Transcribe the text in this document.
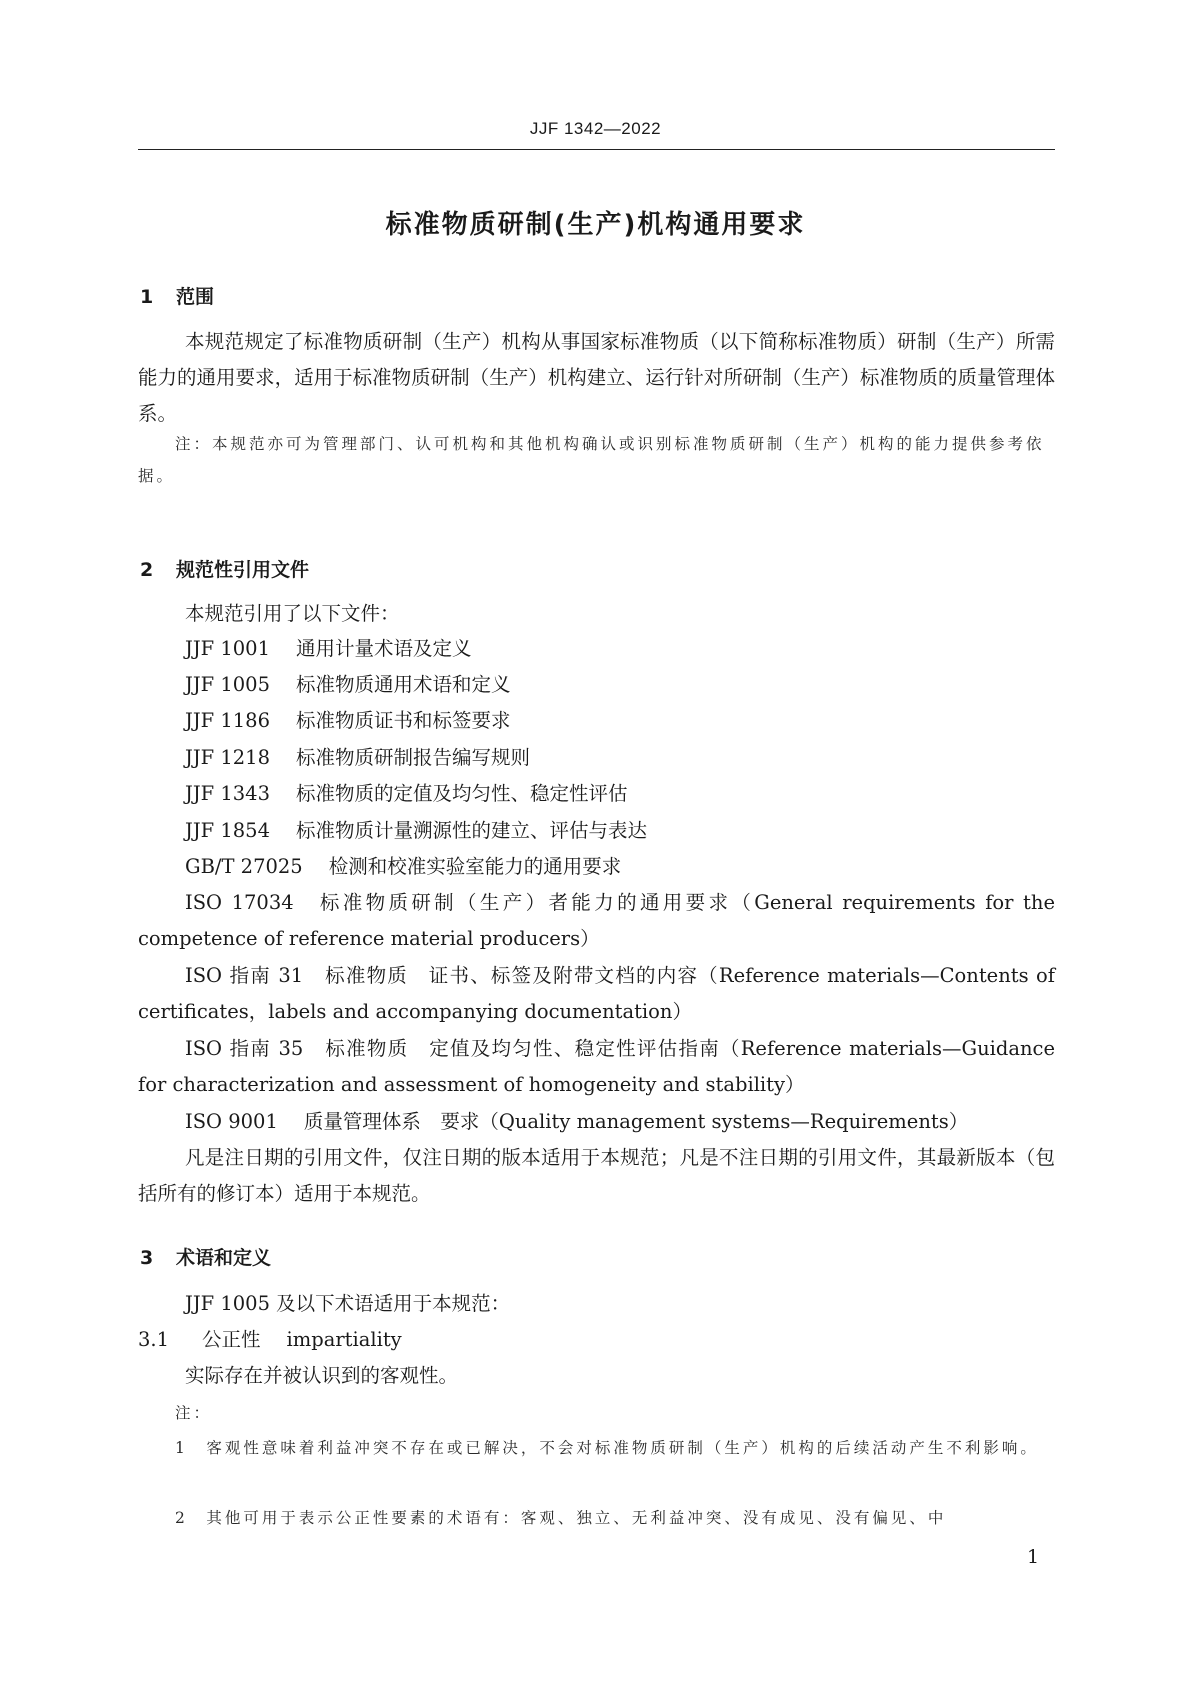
JJF 1342—2022
标准物质研制(生产)机构通用要求
1 范围
本规范规定了标准物质研制（生产）机构从事国家标准物质（以下简称标准物质）研制（生产）所需能力的通用要求，适用于标准物质研制（生产）机构建立、运行针对所研制（生产）标准物质的质量管理体系。
注：本规范亦可为管理部门、认可机构和其他机构确认或识别标准物质研制（生产）机构的能力提供参考依据。
2 规范性引用文件
本规范引用了以下文件：
JJF 1001 通用计量术语及定义
JJF 1005 标准物质通用术语和定义
JJF 1186 标准物质证书和标签要求
JJF 1218 标准物质研制报告编写规则
JJF 1343 标准物质的定值及均匀性、稳定性评估
JJF 1854 标准物质计量溯源性的建立、评估与表达
GB/T 27025 检测和校准实验室能力的通用要求
ISO 17034　标准物质研制（生产）者能力的通用要求（General requirements for the competence of reference material producers）
ISO 指南 31　标准物质　证书、标签及附带文档的内容（Reference materials—Contents of certificates，labels and accompanying documentation）
ISO 指南 35　标准物质　定值及均匀性、稳定性评估指南（Reference materials—Guidance for characterization and assessment of homogeneity and stability）
ISO 9001 质量管理体系　要求（Quality management systems—Requirements）
凡是注日期的引用文件，仅注日期的版本适用于本规范；凡是不注日期的引用文件，其最新版本（包括所有的修订本）适用于本规范。
3 术语和定义
JJF 1005 及以下术语适用于本规范：
3.1 公正性 impartiality
实际存在并被认识到的客观性。
注：
1　客观性意味着利益冲突不存在或已解决，不会对标准物质研制（生产）机构的后续活动产生不利影响。
2　其他可用于表示公正性要素的术语有：客观、独立、无利益冲突、没有成见、没有偏见、中
1
